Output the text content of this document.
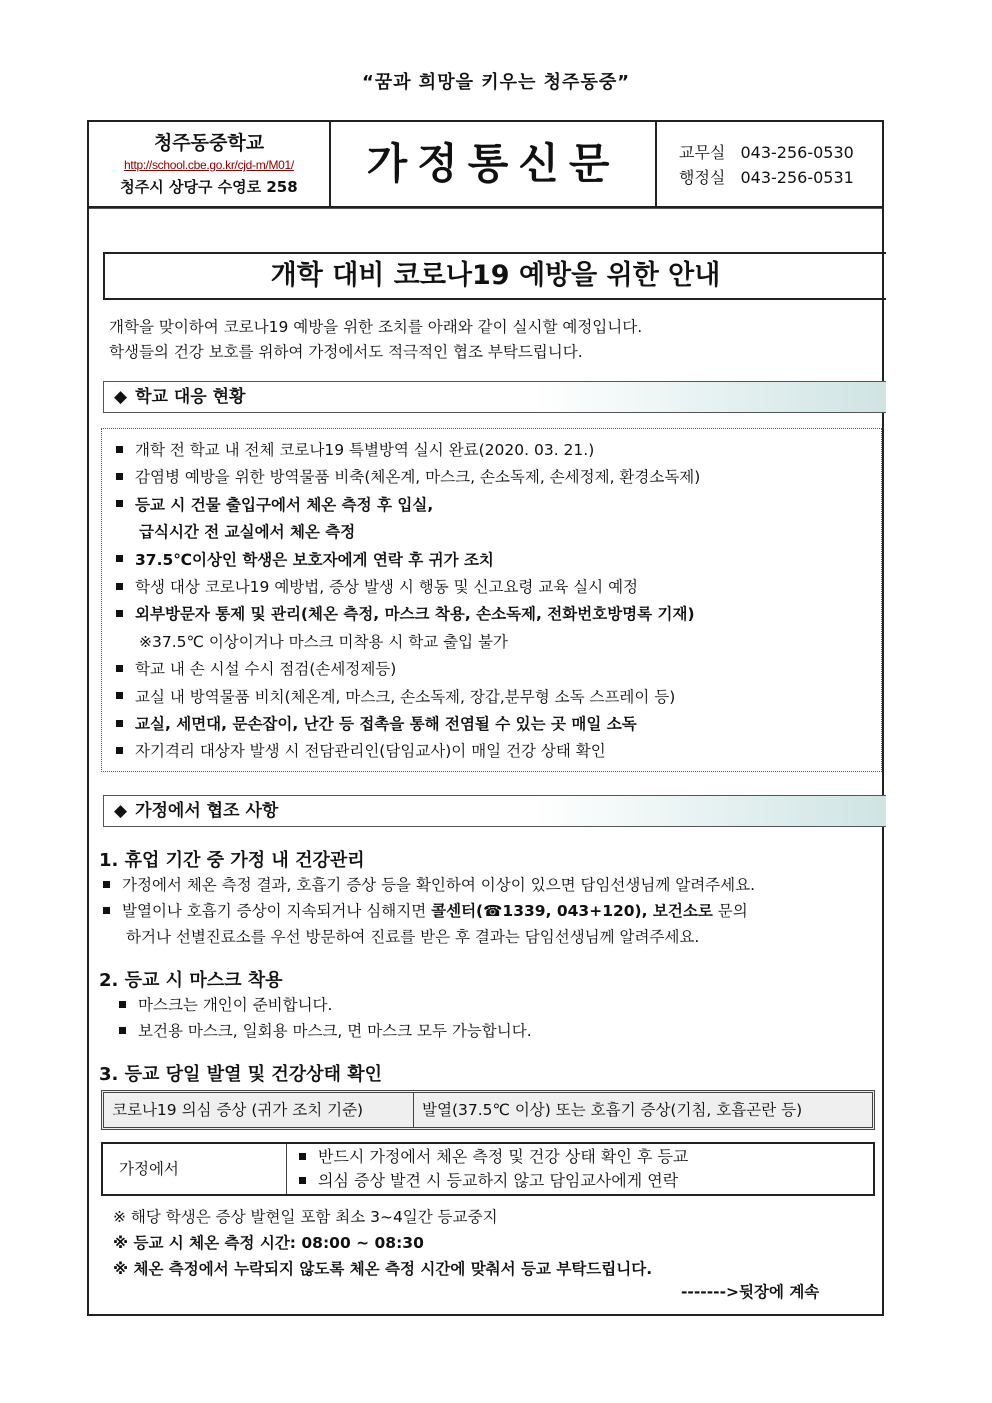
“꿈과 희망을 키우는 청주동중”
청주동중학교
http://school.cbe.go.kr/cjd-m/M01/
청주시 상당구 수영로 258	가정통신문	교무실 043-256-0530
행정실 043-256-0531
개학 대비 코로나19 예방을 위한 안내
개학을 맞이하여 코로나19 예방을 위한 조치를 아래와 같이 실시할 예정입니다.
학생들의 건강 보호를 위하여 가정에서도 적극적인 협조 부탁드립니다.
◆ 학교 대응 현황
개학 전 학교 내 전체 코로나19 특별방역 실시 완료(2020. 03. 21.)
감염병 예방을 위한 방역물품 비축(체온계, 마스크, 손소독제, 손세정제, 환경소독제)
등교 시 건물 출입구에서 체온 측정 후 입실,
급식시간 전 교실에서 체온 측정
37.5℃이상인 학생은 보호자에게 연락 후 귀가 조치
학생 대상 코로나19 예방법, 증상 발생 시 행동 및 신고요령 교육 실시 예정
외부방문자 통제 및 관리(체온 측정, 마스크 착용, 손소독제, 전화번호방명록 기재)
※37.5℃ 이상이거나 마스크 미착용 시 학교 출입 불가
학교 내 손 시설 수시 점검(손세정제등)
교실 내 방역물품 비치(체온계, 마스크, 손소독제, 장갑,분무형 소독 스프레이 등)
교실, 세면대, 문손잡이, 난간 등 접촉을 통해 전염될 수 있는 곳 매일 소독
자기격리 대상자 발생 시 전담관리인(담임교사)이 매일 건강 상태 확인
◆ 가정에서 협조 사항
1. 휴업 기간 중 가정 내 건강관리
가정에서 체온 측정 결과, 호흡기 증상 등을 확인하여 이상이 있으면 담임선생님께 알려주세요.
발열이나 호흡기 증상이 지속되거나 심해지면 콜센터(☎1339, 043+120), 보건소로 문의
하거나 선별진료소를 우선 방문하여 진료를 받은 후 결과는 담임선생님께 알려주세요.
2. 등교 시 마스크 착용
마스크는 개인이 준비합니다.
보건용 마스크, 일회용 마스크, 면 마스크 모두 가능합니다.
3. 등교 당일 발열 및 건강상태 확인
코로나19 의심 증상 (귀가 조치 기준)	발열(37.5℃ 이상) 또는 호흡기 증상(기침, 호흡곤란 등)
가정에서
반드시 가정에서 체온 측정 및 건강 상태 확인 후 등교
의심 증상 발견 시 등교하지 않고 담임교사에게 연락
※ 해당 학생은 증상 발현일 포함 최소 3~4일간 등교중지
※ 등교 시 체온 측정 시간: 08:00 ~ 08:30
※ 체온 측정에서 누락되지 않도록 체온 측정 시간에 맞춰서 등교 부탁드립니다.
------->뒷장에 계속
